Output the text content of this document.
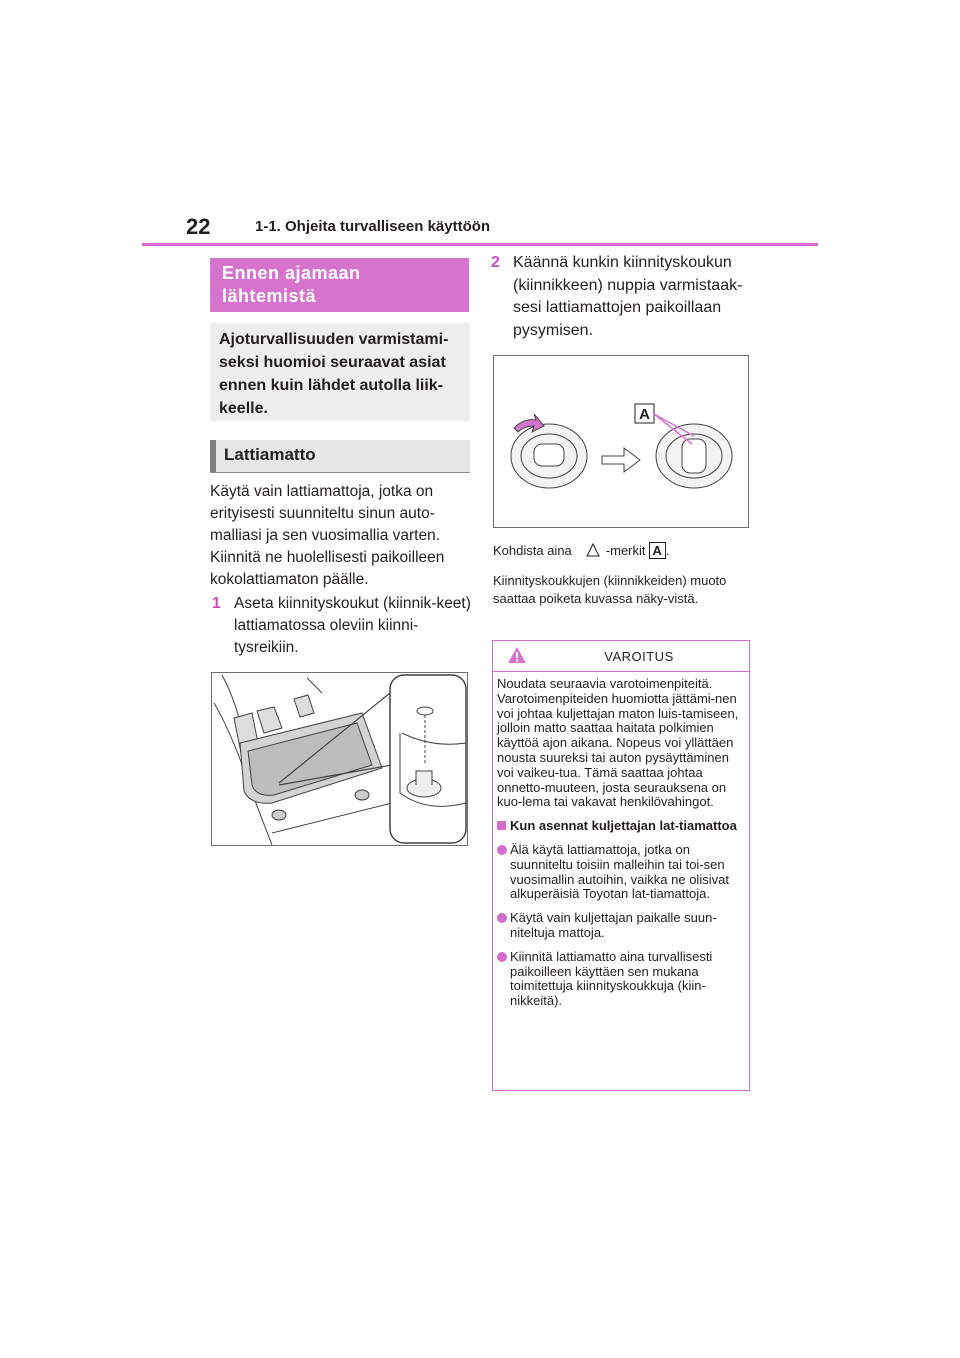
22	1-1. Ohjeita turvalliseen käyttöön
Ennen ajamaan lähtemistä
Ajoturvallisuuden varmistami-seksi huomioi seuraavat asiat ennen kuin lähdet autolla liik-keelle.
Lattiamatto
Käytä vain lattiamattoja, jotka on erityisesti suunniteltu sinun auto-malliasi ja sen vuosimallia varten. Kiinnitä ne huolellisesti paikoilleen kokolattiamaton päälle.
1 Aseta kiinnityskoukut (kiinnik-keet) lattiamatossa oleviin kiinni-tysreikiin.
2 Käännä kunkin kiinnityskoukun (kiinnikkeen) nuppia varmistaak-sesi lattiamattojen paikoillaan pysymisen.
A
Kohdista aina	-merkit A .
Kiinnityskoukkujen (kiinnikkeiden) muoto saattaa poiketa kuvassa näky-vistä.
VAROITUS

Noudata seuraavia varotoimenpiteitä. Varotoimenpiteiden huomiotta jättämi-nen voi johtaa kuljettajan maton luis-tamiseen, jolloin matto saattaa haitata polkimien käyttöä ajon aikana. Nopeus voi yllättäen nousta suureksi tai auton pysäyttäminen voi vaikeu-tua. Tämä saattaa johtaa onnetto-muuteen, josta seurauksena on kuo-lema tai vakavat henkilövahingot.

Kun asennat kuljettajan lat-tiamattoa
Älä käytä lattiamattoja, jotka on suunniteltu toisiin malleihin tai toi-sen vuosimallin autoihin, vaikka ne olisivat alkuperäisiä Toyotan lat-tiamattoja.
Käytä vain kuljettajan paikalle suun-niteltuja mattoja.
Kiinnitä lattiamatto aina turvallisesti paikoilleen käyttäen sen mukana toimitettuja kiinnityskoukkuja (kiin-nikkeitä).
